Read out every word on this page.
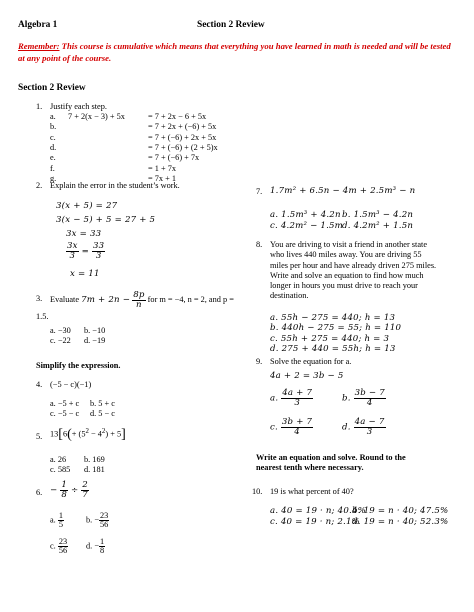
Algebra 1	Section 2 Review
Remember: This course is cumulative which means that everything you have learned in math is needed and will be tested at any point of the course.
Section 2 Review
1. Justify each step.
a.	7 + 2(x − 3) + 5x	= 7 + 2x − 6 + 5x
b.	= 7 + 2x + (−6) + 5x
c.	= 7 + (−6) + 2x + 5x
d.	= 7 + (−6) + (2 + 5)x
e.	= 7 + (−6) + 7x
f.	= 1 + 7x
g.	= 7x + 1
2. Explain the error in the student’s work.
3(x + 5) = 27
3(x − 5) + 5 = 27 + 5
3x = 33
$\frac{3x}{3} = \frac{33}{3}$
x = 11
3. Evaluate $7m + 2n - \frac{8p}{n}$ for m = −4, n = 2, and p =
1.5.
a. −30 b. −10
c. −22 d. −19
Simplify the expression.
4. (−5 − c)(−1)
a. −5 + c b. 5 + c
c. −5 − c d. 5 − c
5. $13[6(+ (5^2 - 4^2) + 5]$
a. 26 b. 169
c. 585 d. 181
6. − $\frac{1}{8} \div \frac{2}{7}$
a. $\frac{1}{5}$	b. − $\frac{23}{56}$
c. $\frac{23}{56} d$. − $\frac{1}{8}$
7. 1.7m² + 6.5n − 4m + 2.5m³ − n
a. 1.5m³ + 4.2n b. 1.5m³ − 4.2n
c. 4.2m² − 1.5m
d. 4.2m² + 1.5n
8. You are driving to visit a friend in another state
who lives 440 miles away. You are driving 55
miles per hour and have already driven 275 miles.
Write and solve an equation to find how much
longer in hours you must drive to reach your
destination.
a. 55h − 275 = 440; h = 13
b. 440h − 275 = 55; h = 110
c. 55h + 275 = 440; h = 3
d. 275 + 440 = 55h; h = 13
9. Solve the equation for a.
4a + 2 = 3b − 5
a. $\frac{4a + 7}{3}$	b. $\frac{3b - 7}{4}$
c. $\frac{3b + 7}{4}$	d. $\frac{4a - 7}{3}$
Write an equation and solve. Round to the
nearest tenth where necessary.
10. 19 is what percent of 40?
a. 40 = 19 · n; 40.4%
b. 19 = n · 40; 47.5%
c. 40 = 19 · n; 2.1%
d. 19 = n · 40; 52.3%
